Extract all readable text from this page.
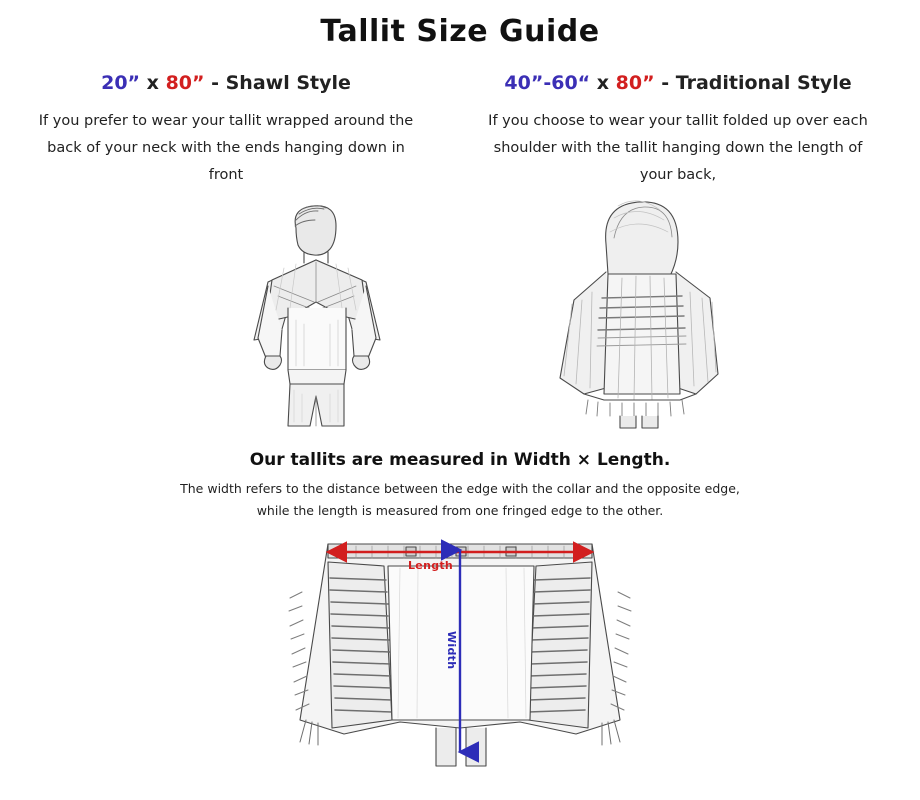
Tallit Size Guide
20” x 80” - Shawl Style
If you prefer to wear your tallit wrapped around the back of your neck with the ends hanging down in front
40”-60“ x 80” - Traditional Style
If you choose to wear your tallit folded up over each shoulder with the tallit hanging down the length of your back,
Our tallits are measured in Width × Length.
The width refers to the distance between the edge with the collar and the opposite edge,
while the length is measured from one fringed edge to the other.
Length
Width
